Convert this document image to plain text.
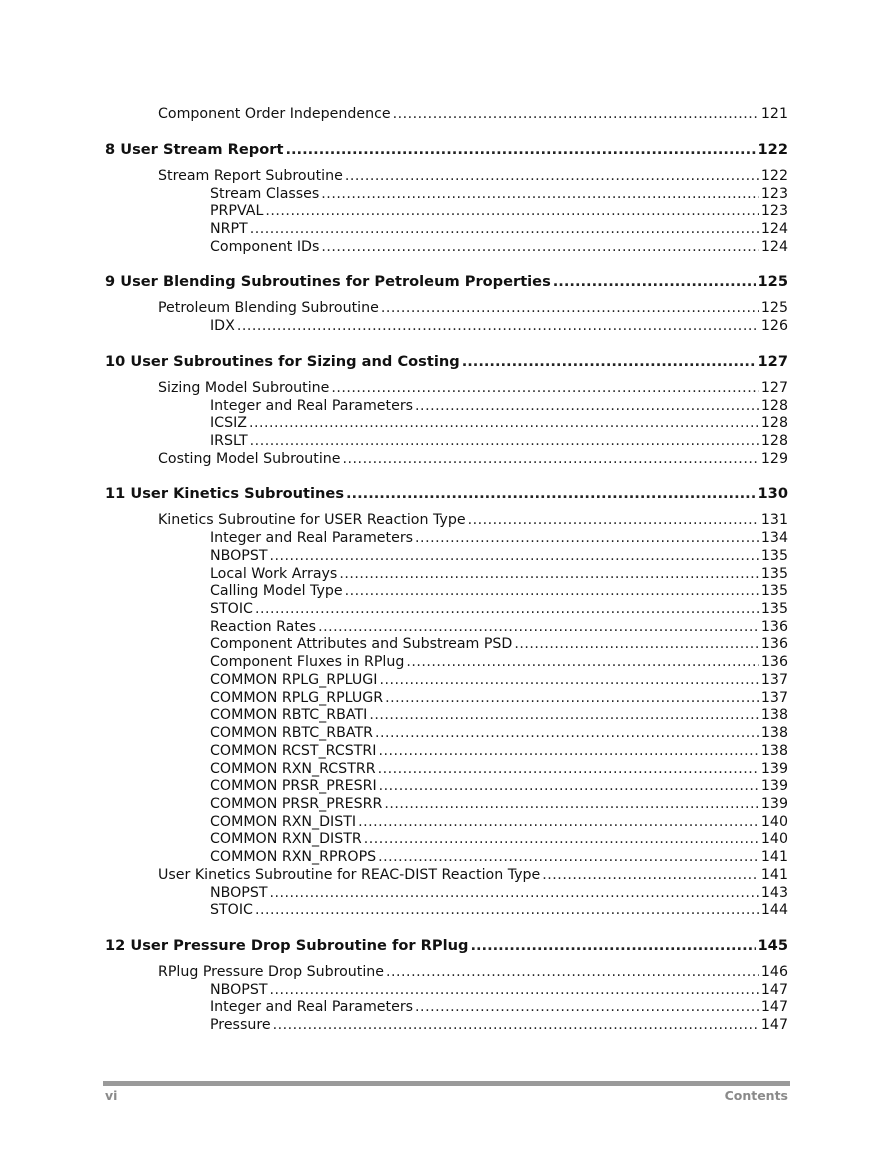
Component Order Independence .....	121
8 User Stream Report .....	122
Stream Report Subroutine .....	122
Stream Classes .....	123
PRPVAL .....	123
NRPT .....	124
Component IDs .....	124
9 User Blending Subroutines for Petroleum Properties .....	125
Petroleum Blending Subroutine .....	125
IDX .....	126
10 User Subroutines for Sizing and Costing .....	127
Sizing Model Subroutine .....	127
Integer and Real Parameters .....	128
ICSIZ .....	128
IRSLT .....	128
Costing Model Subroutine .....	129
11 User Kinetics Subroutines .....	130
Kinetics Subroutine for USER Reaction Type .....	131
Integer and Real Parameters .....	134
NBOPST .....	135
Local Work Arrays .....	135
Calling Model Type .....	135
STOIC .....	135
Reaction Rates .....	136
Component Attributes and Substream PSD .....	136
Component Fluxes in RPlug .....	136
COMMON RPLG_RPLUGI .....	137
COMMON RPLG_RPLUGR .....	137
COMMON RBTC_RBATI .....	138
COMMON RBTC_RBATR .....	138
COMMON RCST_RCSTRI .....	138
COMMON RXN_RCSTRR .....	139
COMMON PRSR_PRESRI .....	139
COMMON PRSR_PRESRR .....	139
COMMON RXN_DISTI .....	140
COMMON RXN_DISTR .....	140
COMMON RXN_RPROPS .....	141
User Kinetics Subroutine for REAC-DIST Reaction Type .....	141
NBOPST .....	143
STOIC .....	144
12 User Pressure Drop Subroutine for RPlug .....	145
RPlug Pressure Drop Subroutine .....	146
NBOPST .....	147
Integer and Real Parameters .....	147
Pressure .....	147
vi	Contents
